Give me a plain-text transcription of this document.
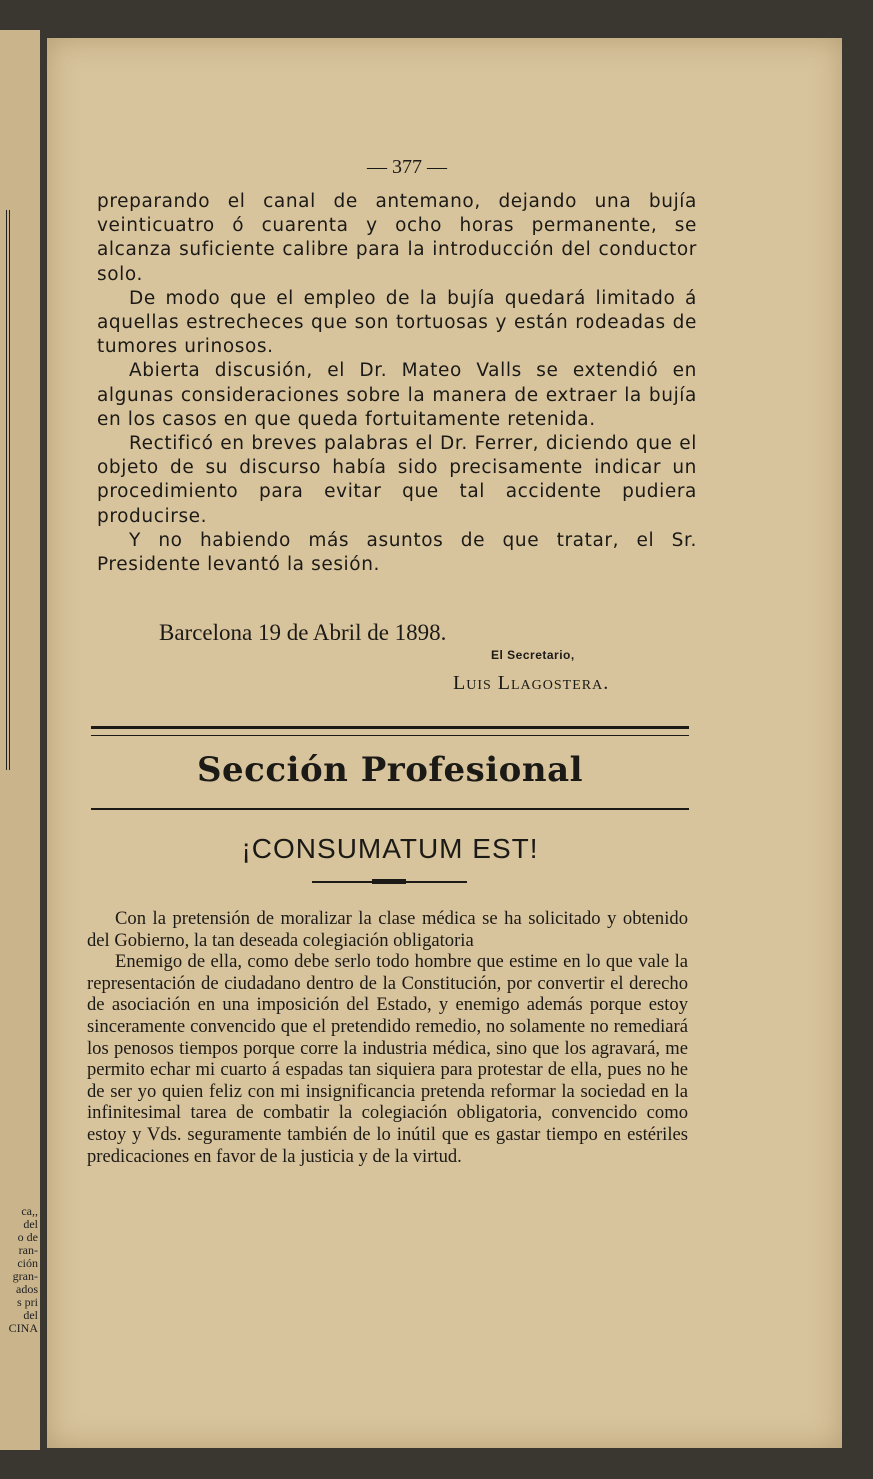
ca,,
del
o de
ran-
ción
gran-
ados
s pri
del
CINA
— 377 —

preparando el canal de antemano, dejando una bujía veinticuatro ó cuarenta y ocho horas permanente, se alcanza suficiente calibre para la introducción del conductor solo.

De modo que el empleo de la bujía quedará limitado á aquellas estrecheces que son tortuosas y están rodeadas de tumores urinosos.

Abierta discusión, el Dr. Mateo Valls se extendió en algunas consideraciones sobre la manera de extraer la bujía en los casos en que queda fortuitamente retenida.

Rectificó en breves palabras el Dr. Ferrer, diciendo que el objeto de su discurso había sido precisamente indicar un procedimiento para evitar que tal accidente pudiera producirse.

Y no habiendo más asuntos de que tratar, el Sr. Presidente levantó la sesión.

Barcelona 19 de Abril de 1898.
El Secretario,
Luis Llagostera.
Sección Profesional
¡CONSUMATUM EST!

Con la pretensión de moralizar la clase médica se ha solicitado y obtenido del Gobierno, la tan deseada colegiación obligatoria

Enemigo de ella, como debe serlo todo hombre que estime en lo que vale la representación de ciudadano dentro de la Constitución, por convertir el derecho de asociación en una imposición del Estado, y enemigo además porque estoy sinceramente convencido que el pretendido remedio, no solamente no remediará los penosos tiempos porque corre la industria médica, sino que los agravará, me permito echar mi cuarto á espadas tan siquiera para protestar de ella, pues no he de ser yo quien feliz con mi insignificancia pretenda reformar la sociedad en la infinitesimal tarea de combatir la colegiación obligatoria, convencido como estoy y Vds. seguramente también de lo inútil que es gastar tiempo en estériles predicaciones en favor de la justicia y de la virtud.
